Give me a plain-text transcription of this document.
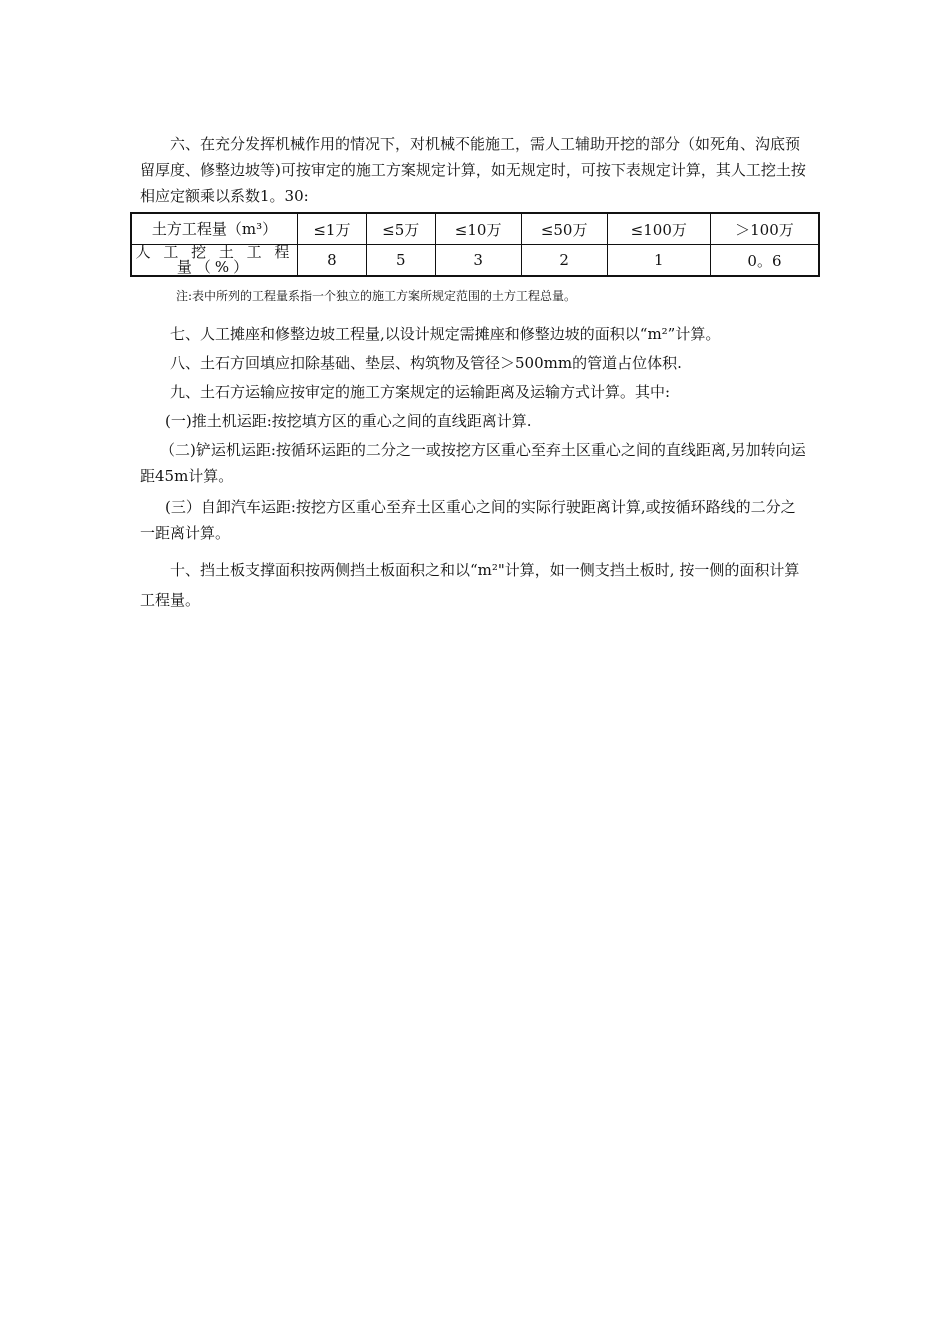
六、在充分发挥机械作用的情况下，对机械不能施工，需人工辅助开挖的部分（如死角、沟底预留厚度、修整边坡等)可按审定的施工方案规定计算，如无规定时，可按下表规定计算，其人工挖土按相应定额乘以系数1。30:

土方工程量（m³）	≤1万	≤5万	≤10万	≤50万	≤100万	＞100万
人 工 挖 土 工 程 量（%）	8	5	3	2	1	0。6
注:表中所列的工程量系指一个独立的施工方案所规定范围的土方工程总量。

七、人工摊座和修整边坡工程量,以设计规定需摊座和修整边坡的面积以“m²”计算。

八、土石方回填应扣除基础、垫层、构筑物及管径＞500mm的管道占位体积.

九、土石方运输应按审定的施工方案规定的运输距离及运输方式计算。其中:

(一)推土机运距:按挖填方区的重心之间的直线距离计算.

（二)铲运机运距:按循环运距的二分之一或按挖方区重心至弃土区重心之间的直线距离,另加转向运距45m计算。

(三）自卸汽车运距:按挖方区重心至弃土区重心之间的实际行驶距离计算,或按循环路线的二分之一距离计算。

十、挡土板支撑面积按两侧挡土板面积之和以“m²"计算，如一侧支挡土板时, 按一侧的面积计算工程量。
